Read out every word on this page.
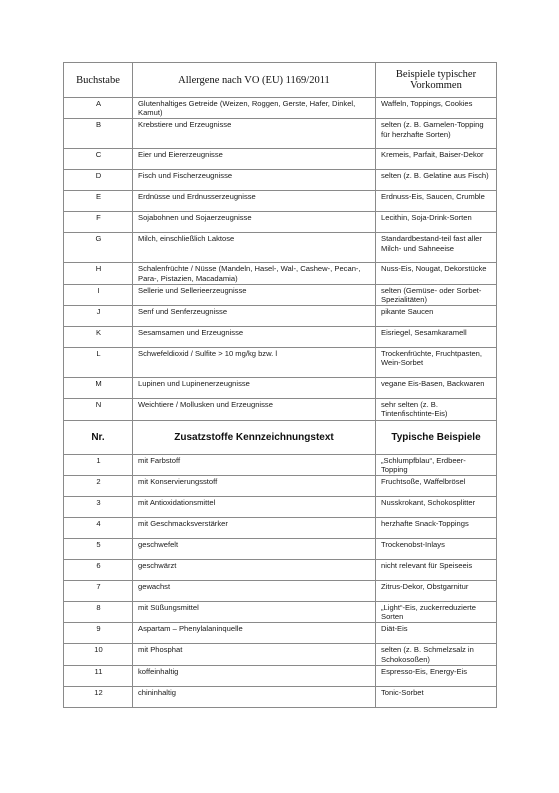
Buchstabe	Allergene nach VO (EU) 1169/2011	Beispiele typischer Vorkommen
A	Glutenhaltiges Getreide (Weizen, Roggen, Gerste, Hafer, Dinkel, Kamut)	Waffeln, Toppings, Cookies
B	Krebstiere und Erzeugnisse	selten (z. B. Garnelen-Topping für herzhafte Sorten)
C	Eier und Eiererzeugnisse	Kremeis, Parfait, Baiser-Dekor
D	Fisch und Fischerzeugnisse	selten (z. B. Gelatine aus Fisch)
E	Erdnüsse und Erdnusserzeugnisse	Erdnuss-Eis, Saucen, Crumble
F	Sojabohnen und Sojaerzeugnisse	Lecithin, Soja-Drink-Sorten
G	Milch, einschließlich Laktose	Standardbestand-teil fast aller Milch- und Sahneeise
H	Schalenfrüchte / Nüsse (Mandeln, Hasel-, Wal-, Cashew-, Pecan-, Para-, Pistazien, Macadamia)	Nuss-Eis, Nougat, Dekorstücke
I	Sellerie und Sellerieerzeugnisse	selten (Gemüse- oder Sorbet-Spezialitäten)
J	Senf und Senferzeugnisse	pikante Saucen
K	Sesamsamen und Erzeugnisse	Eisriegel, Sesamkaramell
L	Schwefeldioxid / Sulfite > 10 mg/kg bzw. l	Trockenfrüchte, Fruchtpasten, Wein-Sorbet
M	Lupinen und Lupinenerzeugnisse	vegane Eis-Basen, Backwaren
N	Weichtiere / Mollusken und Erzeugnisse	sehr selten (z. B. Tintenfischtinte-Eis)
Nr.	Zusatzstoffe Kennzeichnungstext	Typische Beispiele
1	mit Farbstoff	„Schlumpfblau“, Erdbeer-Topping
2	mit Konservierungsstoff	Fruchtsoße, Waffelbrösel
3	mit Antioxidationsmittel	Nusskrokant, Schokosplitter
4	mit Geschmacksverstärker	herzhafte Snack-Toppings
5	geschwefelt	Trockenobst-Inlays
6	geschwärzt	nicht relevant für Speiseeis
7	gewachst	Zitrus-Dekor, Obstgarnitur
8	mit Süßungsmittel	„Light“-Eis, zuckerreduzierte Sorten
9	Aspartam – Phenylalaninquelle	Diät-Eis
10	mit Phosphat	selten (z. B. Schmelzsalz in Schokosoßen)
11	koffeinhaltig	Espresso-Eis, Energy-Eis
12	chininhaltig	Tonic-Sorbet
